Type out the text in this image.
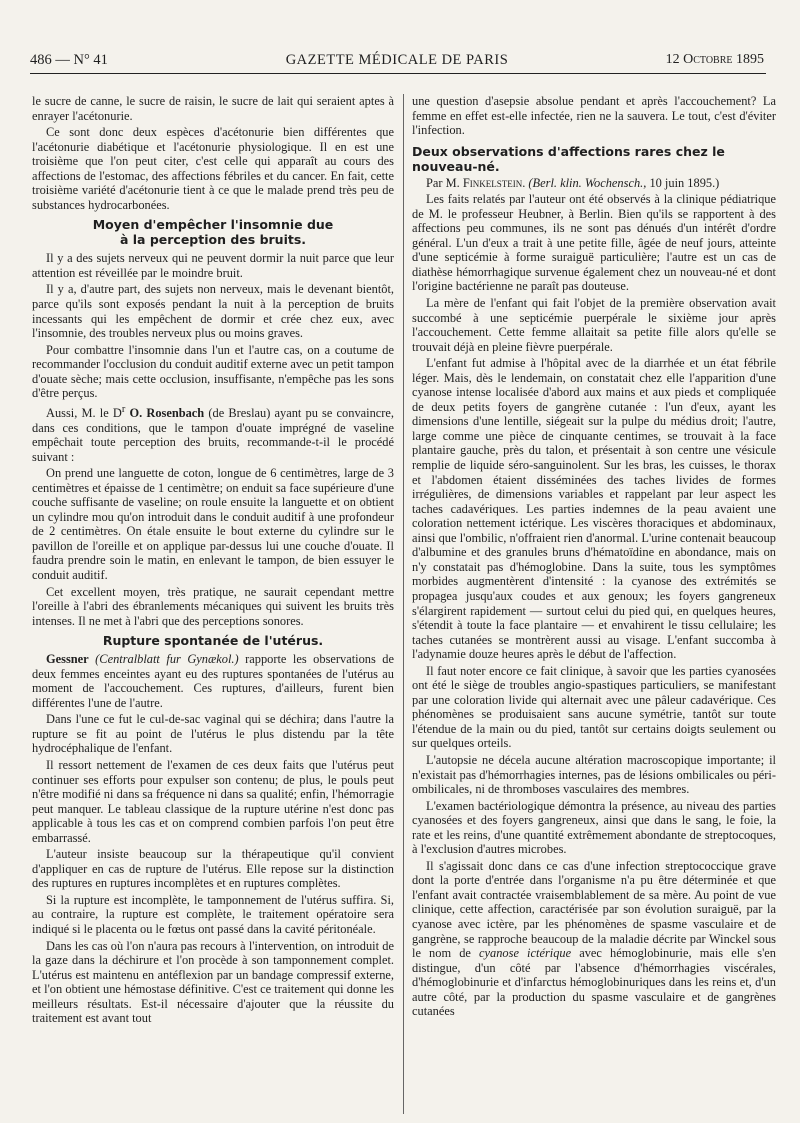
486 — N° 41	GAZETTE MÉDICALE DE PARIS	12 Octobre 1895

le sucre de canne, le sucre de raisin, le sucre de lait qui seraient aptes à enrayer l'acétonurie.

Ce sont donc deux espèces d'acétonurie bien différentes que l'acétonurie diabétique et l'acétonurie physiologique. Il en est une troisième que l'on peut citer, c'est celle qui apparaît au cours des affections de l'estomac, des affections fébriles et du cancer. En fait, cette troisième variété d'acétonurie tient à ce que le malade prend très peu de substances hydrocarbonées.

Moyen d'empêcher l'insomnie due
à la perception des bruits.

Il y a des sujets nerveux qui ne peuvent dormir la nuit parce que leur attention est réveillée par le moindre bruit.

Il y a, d'autre part, des sujets non nerveux, mais le devenant bientôt, parce qu'ils sont exposés pendant la nuit à la perception de bruits incessants qui les empêchent de dormir et crée chez eux, avec l'insomnie, des troubles nerveux plus ou moins graves.

Pour combattre l'insomnie dans l'un et l'autre cas, on a coutume de recommander l'occlusion du conduit auditif externe avec un petit tampon d'ouate sèche; mais cette occlusion, insuffisante, n'empêche pas les sons d'être perçus.

Aussi, M. le $D^r$ O. Rosenbach (de Breslau) ayant pu se convaincre, dans ces conditions, que le tampon d'ouate imprégné de vaseline empêchait toute perception des bruits, recommande-t-il le procédé suivant :

On prend une languette de coton, longue de 6 centimètres, large de 3 centimètres et épaisse de 1 centimètre; on enduit sa face supérieure d'une couche suffisante de vaseline; on roule ensuite la languette et on obtient un cylindre mou qu'on introduit dans le conduit auditif à une profondeur de 2 centimètres. On étale ensuite le bout externe du cylindre sur le pavillon de l'oreille et on applique par-dessus lui une couche d'ouate. Il faudra prendre soin le matin, en enlevant le tampon, de bien essuyer le conduit auditif.

Cet excellent moyen, très pratique, ne saurait cependant mettre l'oreille à l'abri des ébranlements mécaniques qui suivent les bruits très intenses. Il ne met à l'abri que des perceptions sonores.

Rupture spontanée de l'utérus.

Gessner (Centralblatt fur Gynækol.) rapporte les observations de deux femmes enceintes ayant eu des ruptures spontanées de l'utérus au moment de l'accouchement. Ces ruptures, d'ailleurs, furent bien différentes l'une de l'autre.

Dans l'une ce fut le cul-de-sac vaginal qui se déchira; dans l'autre la rupture se fit au point de l'utérus le plus distendu par la tête hydrocéphalique de l'enfant.

Il ressort nettement de l'examen de ces deux faits que l'utérus peut continuer ses efforts pour expulser son contenu; de plus, le pouls peut n'être modifié ni dans sa fréquence ni dans sa qualité; enfin, l'hémorragie peut manquer. Le tableau classique de la rupture utérine n'est donc pas applicable à tous les cas et on comprend combien parfois l'on peut être embarrassé.

L'auteur insiste beaucoup sur la thérapeutique qu'il convient d'appliquer en cas de rupture de l'utérus. Elle repose sur la distinction des ruptures en ruptures incomplètes et en ruptures complètes.

Si la rupture est incomplète, le tamponnement de l'utérus suffira. Si, au contraire, la rupture est complète, le traitement opératoire sera indiqué si le placenta ou le fœtus ont passé dans la cavité péritonéale.

Dans les cas où l'on n'aura pas recours à l'intervention, on introduit de la gaze dans la déchirure et l'on procède à son tamponnement complet. L'utérus est maintenu en antéflexion par un bandage compressif externe, et l'on obtient une hémostase définitive. C'est ce traitement qui donne les meilleurs résultats. Est-il nécessaire d'ajouter que la réussite du traitement est avant tout

une question d'asepsie absolue pendant et après l'accouchement? La femme en effet est-elle infectée, rien ne la sauvera. Le tout, c'est d'éviter l'infection.

Deux observations d'affections rares chez le nouveau-né.

Par M. Finkelstein. (Berl. klin. Wochensch., 10 juin 1895.)

Les faits relatés par l'auteur ont été observés à la clinique pédiatrique de M. le professeur Heubner, à Berlin. Bien qu'ils se rapportent à des affections peu communes, ils ne sont pas dénués d'un intérêt d'ordre général. L'un d'eux a trait à une petite fille, âgée de neuf jours, atteinte d'une septicémie à forme suraiguë particulière; l'autre est un cas de diathèse hémorrhagique survenue également chez un nouveau-né et dont l'origine bactérienne ne paraît pas douteuse.

La mère de l'enfant qui fait l'objet de la première observation avait succombé à une septicémie puerpérale le sixième jour après l'accouchement. Cette femme allaitait sa petite fille alors qu'elle se trouvait déjà en pleine fièvre puerpérale.

L'enfant fut admise à l'hôpital avec de la diarrhée et un état fébrile léger. Mais, dès le lendemain, on constatait chez elle l'apparition d'une cyanose intense localisée d'abord aux mains et aux pieds et compliquée de deux petits foyers de gangrène cutanée : l'un d'eux, ayant les dimensions d'une lentille, siégeait sur la pulpe du médius droit; l'autre, large comme une pièce de cinquante centimes, se trouvait à la face plantaire gauche, près du talon, et présentait à son centre une vésicule remplie de liquide séro-sanguinolent. Sur les bras, les cuisses, le thorax et l'abdomen étaient disséminées des taches livides de formes irrégulières, de dimensions variables et rappelant par leur aspect les taches cadavériques. Les parties indemnes de la peau avaient une coloration nettement ictérique. Les viscères thoraciques et abdominaux, ainsi que l'ombilic, n'offraient rien d'anormal. L'urine contenait beaucoup d'albumine et des granules bruns d'hématoïdine en abondance, mais on n'y constatait pas d'hémoglobine. Dans la suite, tous les symptômes morbides augmentèrent d'intensité : la cyanose des extrémités se propagea jusqu'aux coudes et aux genoux; les foyers gangreneux s'élargirent rapidement — surtout celui du pied qui, en quelques heures, s'étendit à toute la face plantaire — et envahirent le tissu cellulaire; les taches cutanées se montrèrent aussi au visage. L'enfant succomba à l'adynamie douze heures après le début de l'affection.

Il faut noter encore ce fait clinique, à savoir que les parties cyanosées ont été le siège de troubles angio-spastiques particuliers, se manifestant par une coloration livide qui alternait avec une pâleur cadavérique. Ces phénomènes se produisaient sans aucune symétrie, tantôt sur toute l'étendue de la main ou du pied, tantôt sur certains doigts seulement ou sur quelques orteils.

L'autopsie ne décela aucune altération macroscopique importante; il n'existait pas d'hémorrhagies internes, pas de lésions ombilicales ou péri-ombilicales, ni de thromboses vasculaires des membres.

L'examen bactériologique démontra la présence, au niveau des parties cyanosées et des foyers gangreneux, ainsi que dans le sang, le foie, la rate et les reins, d'une quantité extrêmement abondante de streptocoques, à l'exclusion d'autres microbes.

Il s'agissait donc dans ce cas d'une infection streptococcique grave dont la porte d'entrée dans l'organisme n'a pu être déterminée et que l'enfant avait contractée vraisemblablement de sa mère. Au point de vue clinique, cette affection, caractérisée par son évolution suraiguë, par la cyanose avec ictère, par les phénomènes de spasme vasculaire et de gangrène, se rapproche beaucoup de la maladie décrite par Winckel sous le nom de cyanose ictérique avec hémoglobinurie, mais elle s'en distingue, d'un côté par l'absence d'hémorrhagies viscérales, d'hémoglobinurie et d'infarctus hémoglobinuriques dans les reins et, d'un autre côté, par la production du spasme vasculaire et de gangrènes cutanées
